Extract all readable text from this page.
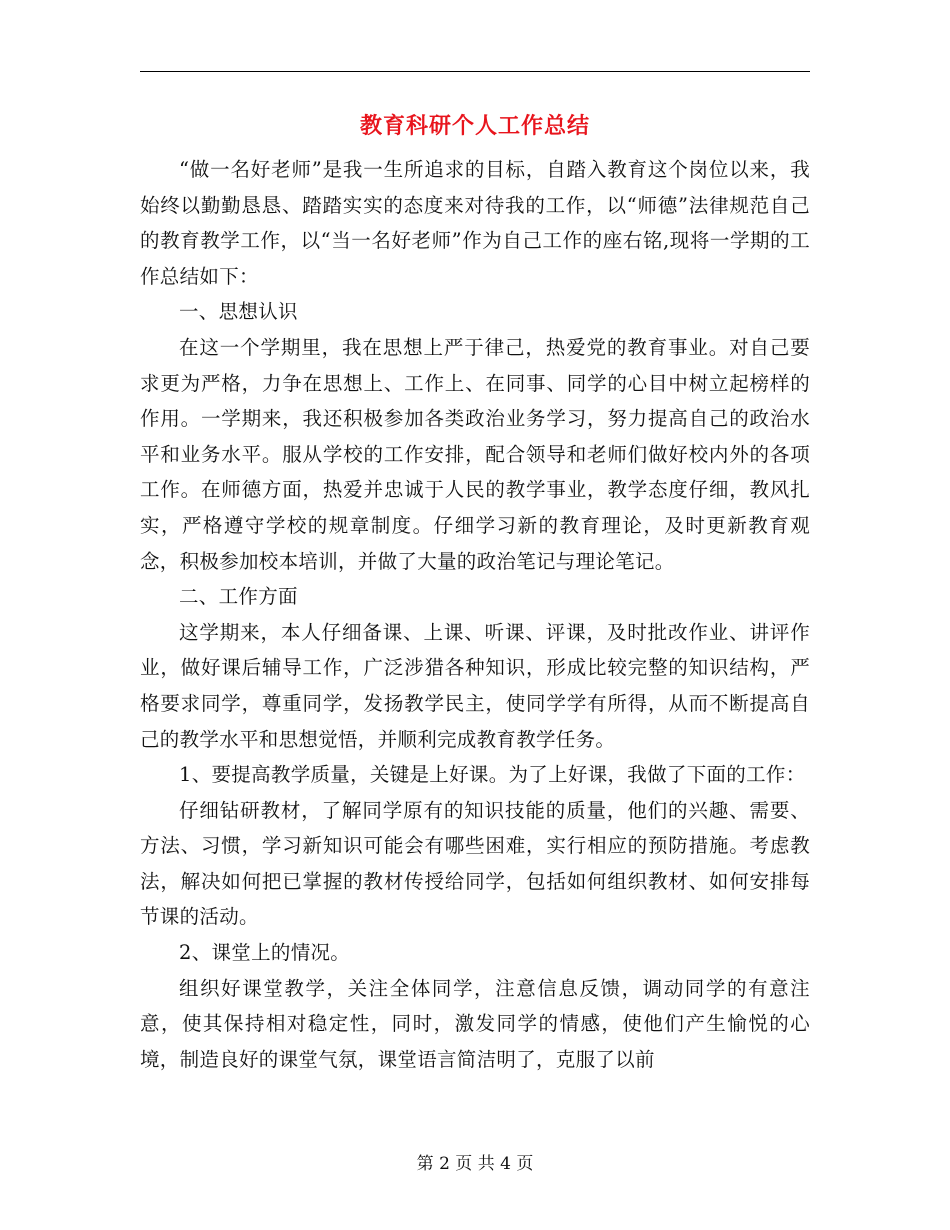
教育科研个人工作总结

“做一名好老师”是我一生所追求的目标，自踏入教育这个岗位以来，我始终以勤勤恳恳、踏踏实实的态度来对待我的工作，以“师德”法律规范自己的教育教学工作，以“当一名好老师”作为自己工作的座右铭,现将一学期的工作总结如下：

一、思想认识

在这一个学期里，我在思想上严于律己，热爱党的教育事业。对自己要求更为严格，力争在思想上、工作上、在同事、同学的心目中树立起榜样的作用。一学期来，我还积极参加各类政治业务学习，努力提高自己的政治水平和业务水平。服从学校的工作安排，配合领导和老师们做好校内外的各项工作。在师德方面，热爱并忠诚于人民的教学事业，教学态度仔细，教风扎实，严格遵守学校的规章制度。仔细学习新的教育理论，及时更新教育观念，积极参加校本培训，并做了大量的政治笔记与理论笔记。

二、工作方面

这学期来，本人仔细备课、上课、听课、评课，及时批改作业、讲评作业，做好课后辅导工作，广泛涉猎各种知识，形成比较完整的知识结构，严格要求同学，尊重同学，发扬教学民主，使同学学有所得，从而不断提高自己的教学水平和思想觉悟，并顺利完成教育教学任务。

1、要提高教学质量，关键是上好课。为了上好课，我做了下面的工作：

仔细钻研教材，了解同学原有的知识技能的质量，他们的兴趣、需要、方法、习惯，学习新知识可能会有哪些困难，实行相应的预防措施。考虑教法，解决如何把已掌握的教材传授给同学，包括如何组织教材、如何安排每节课的活动。

2、课堂上的情况。

组织好课堂教学，关注全体同学，注意信息反馈，调动同学的有意注意，使其保持相对稳定性，同时，激发同学的情感，使他们产生愉悦的心境，制造良好的课堂气氛，课堂语言简洁明了，克服了以前

第 2 页 共 4 页
